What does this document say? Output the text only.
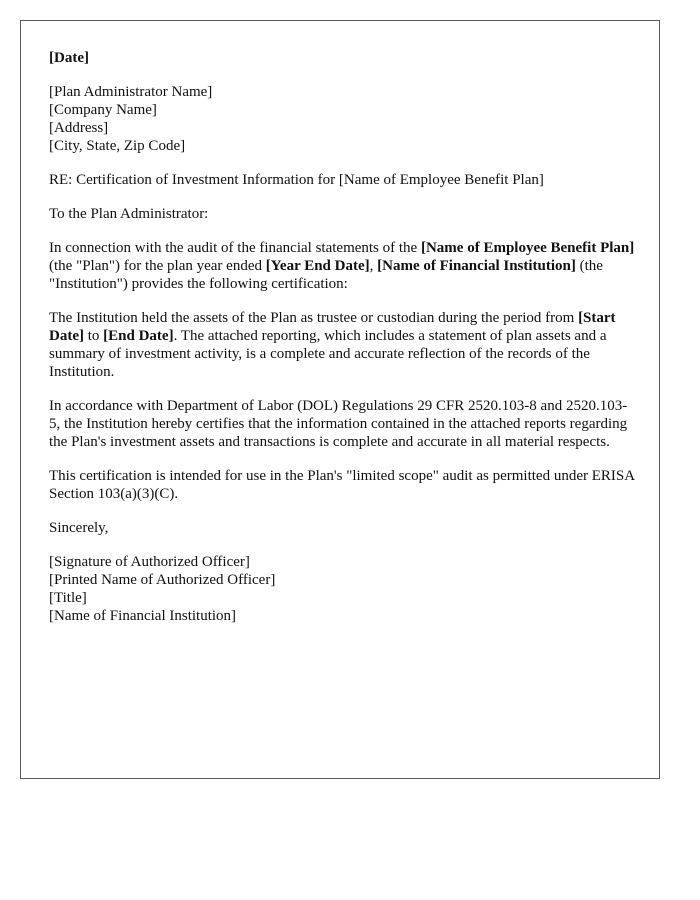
[Date]
[Plan Administrator Name]
[Company Name]
[Address]
[City, State, Zip Code]
RE: Certification of Investment Information for [Name of Employee Benefit Plan]
To the Plan Administrator:
In connection with the audit of the financial statements of the [Name of Employee Benefit Plan] (the "Plan") for the plan year ended [Year End Date], [Name of Financial Institution] (the "Institution") provides the following certification:
The Institution held the assets of the Plan as trustee or custodian during the period from [Start Date] to [End Date]. The attached reporting, which includes a statement of plan assets and a summary of investment activity, is a complete and accurate reflection of the records of the Institution.
In accordance with Department of Labor (DOL) Regulations 29 CFR 2520.103-8 and 2520.103-5, the Institution hereby certifies that the information contained in the attached reports regarding the Plan's investment assets and transactions is complete and accurate in all material respects.
This certification is intended for use in the Plan's "limited scope" audit as permitted under ERISA Section 103(a)(3)(C).
Sincerely,
[Signature of Authorized Officer]
[Printed Name of Authorized Officer]
[Title]
[Name of Financial Institution]
